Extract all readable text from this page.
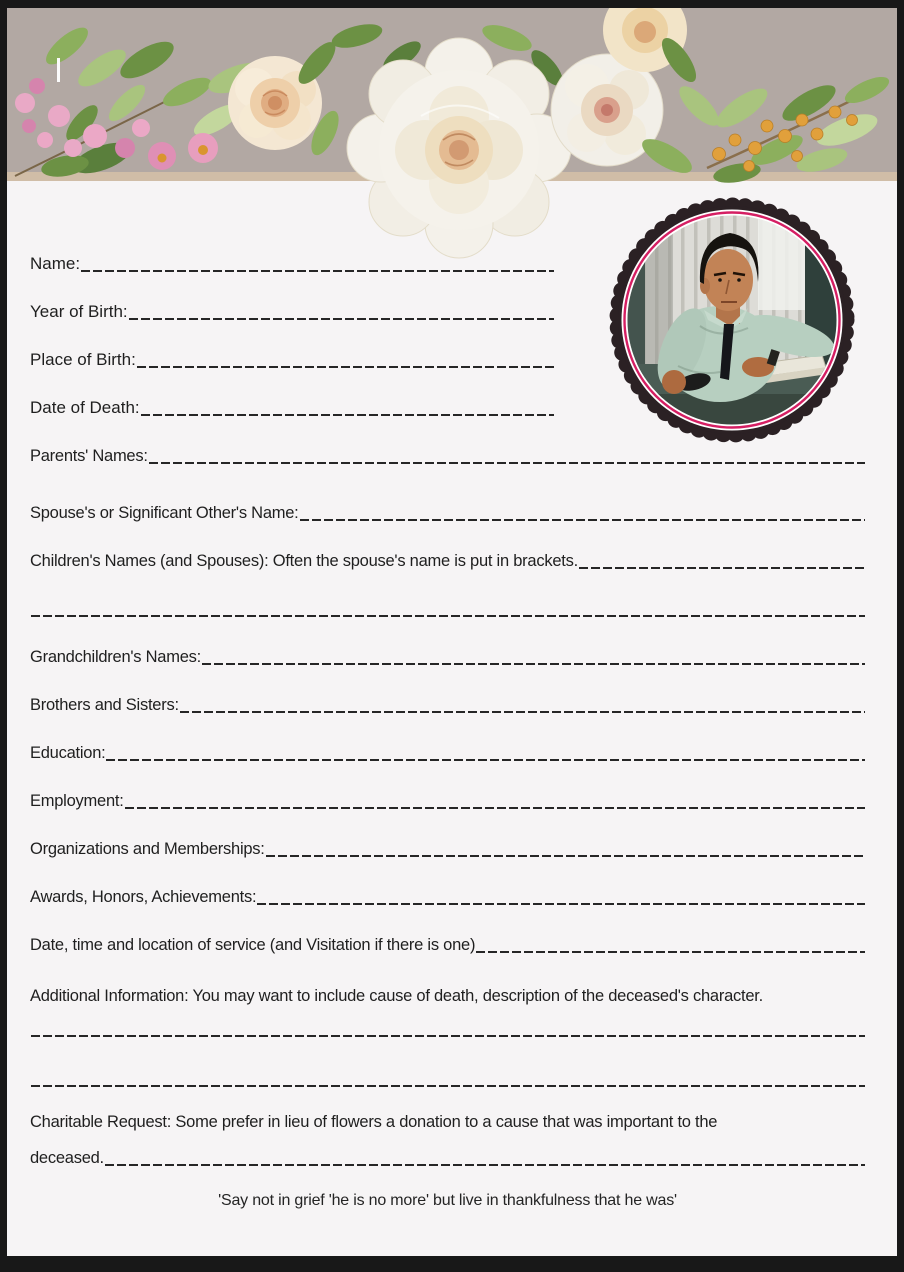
Name:
Year of Birth:
Place of Birth:
Date of Death:
Parents' Names:
Spouse's or Significant Other's Name:
Children's Names (and Spouses): Often the spouse's name is put in brackets.
Grandchildren's Names:
Brothers and Sisters:
Education:
Employment:
Organizations and Memberships:
Awards, Honors, Achievements:
Date, time and location of service (and Visitation if there is one)
Additional Information: You may want to include cause of death, description of the deceased's character.
Charitable Request: Some prefer in lieu of flowers a donation to a cause that was important to the
deceased.
'Say not in grief 'he is no more' but live in thankfulness that he was'
